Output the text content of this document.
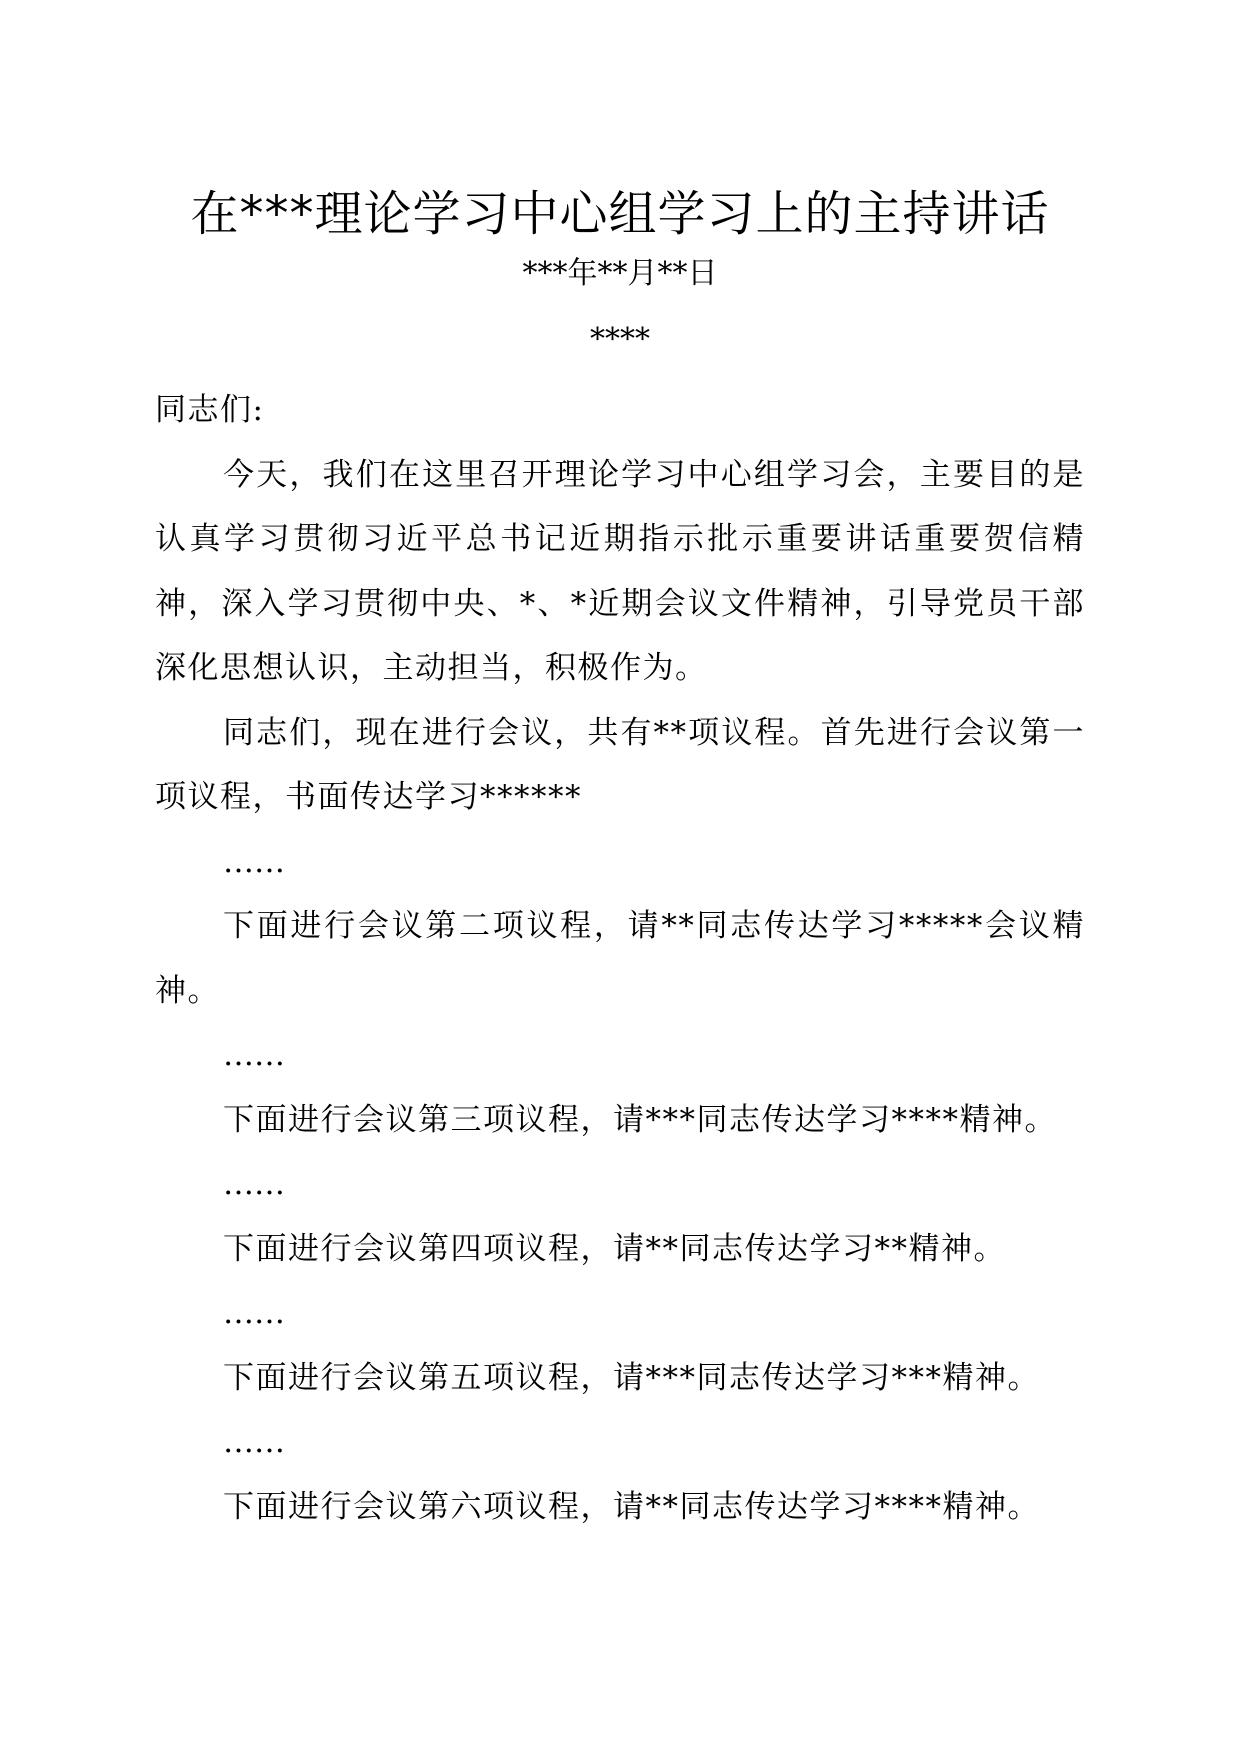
在***理论学习中心组学习上的主持讲话
***年**月**日
****

同志们:

今天，我们在这里召开理论学习中心组学习会，主要目的是认真学习贯彻习近平总书记近期指示批示重要讲话重要贺信精神，深入学习贯彻中央、*、*近期会议文件精神，引导党员干部深化思想认识，主动担当，积极作为。

同志们，现在进行会议，共有**项议程。首先进行会议第一项议程，书面传达学习******

……

下面进行会议第二项议程，请**同志传达学习*****会议精神。

……

下面进行会议第三项议程，请***同志传达学习****精神。

……

下面进行会议第四项议程，请**同志传达学习**精神。

……

下面进行会议第五项议程，请***同志传达学习***精神。

……

下面进行会议第六项议程，请**同志传达学习****精神。
